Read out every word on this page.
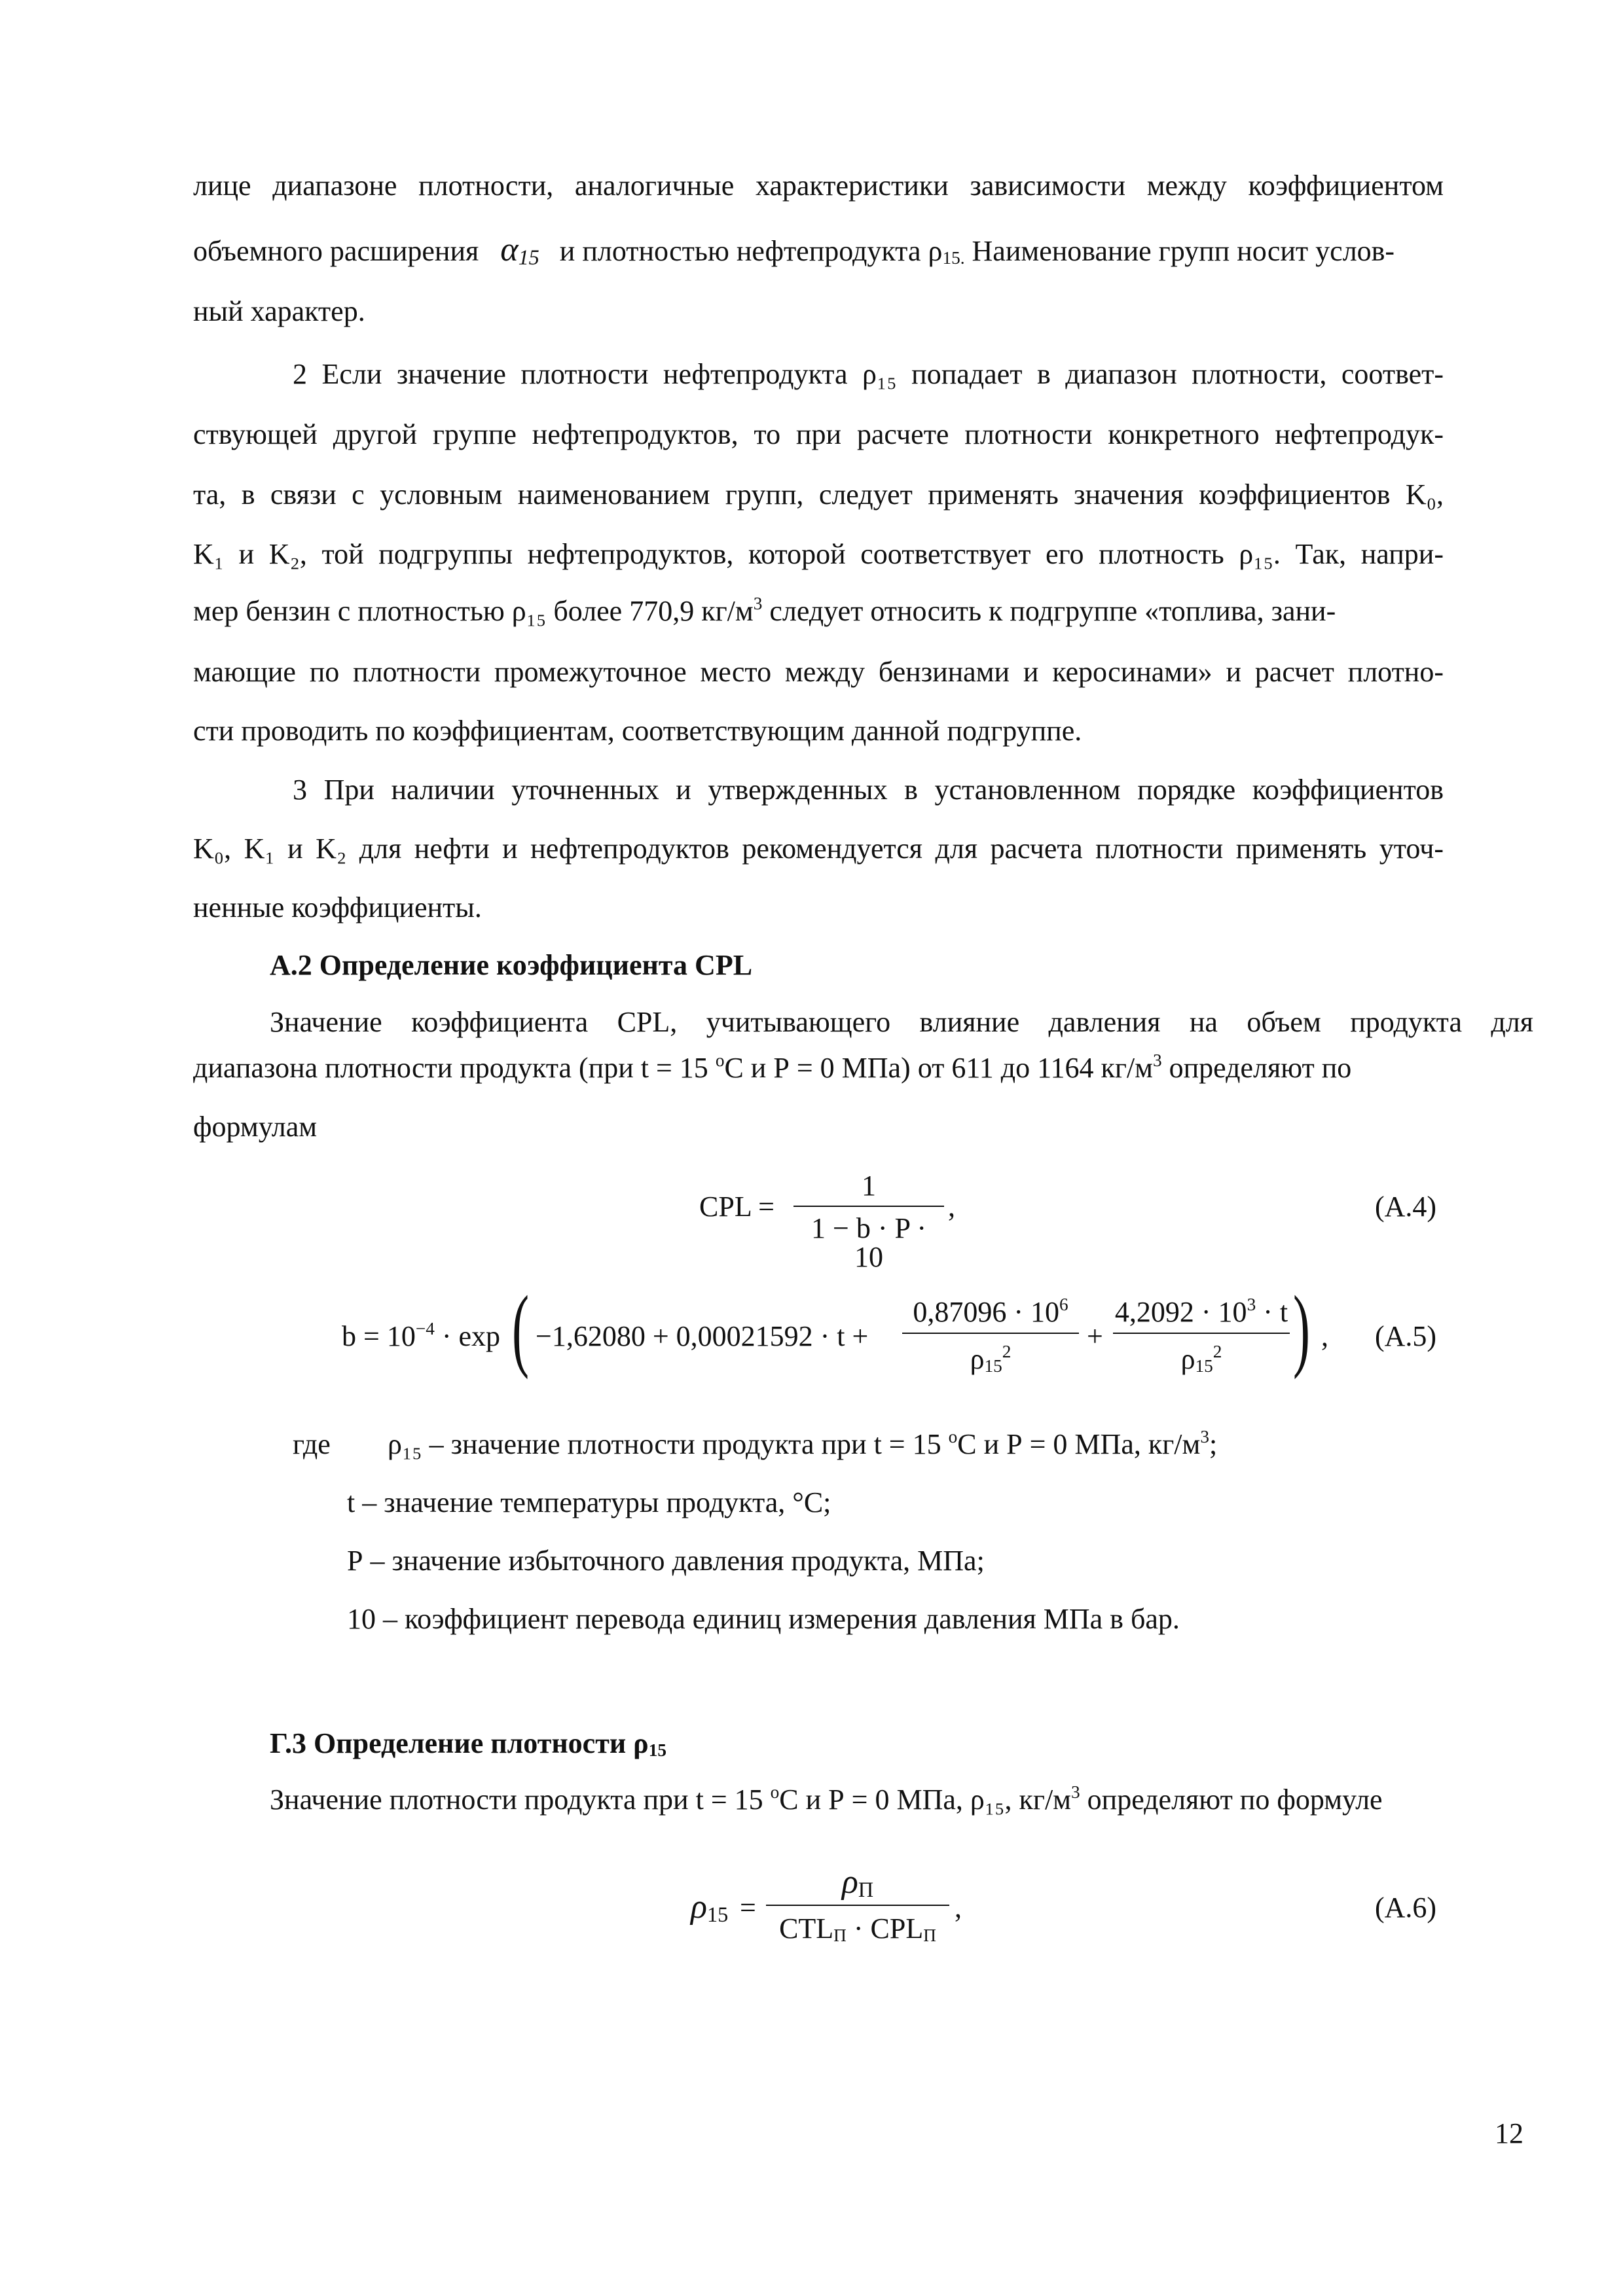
лице диапазоне плотности, аналогичные характеристики зависимости между коэффициентом
объемного расширения $\alpha_{15}$ и плотностью нефтепродукта $\rho_{15.}$ Наименование групп носит услов-
ный характер.
2 Если значение плотности нефтепродукта ρ₁₅ попадает в диапазон плотности, соответ-
ствующей другой группе нефтепродуктов, то при расчете плотности конкретного нефтепродук-
та, в связи с условным наименованием групп, следует применять значения коэффициентов K₀,
K₁ и K₂, той подгруппы нефтепродуктов, которой соответствует его плотность ρ₁₅. Так, напри-
мер бензин с плотностью ρ₁₅ более 770,9 $кг/м^3$ следует относить к подгруппе «топлива, зани-
мающие по плотности промежуточное место между бензинами и керосинами» и расчет плотно-
сти проводить по коэффициентам, соответствующим данной подгруппе.
3 При наличии уточненных и утвержденных в установленном порядке коэффициентов
K₀, K₁ и K₂ для нефти и нефтепродуктов рекомендуется для расчета плотности применять уточ-
ненные коэффициенты.
А.2 Определение коэффициента CPL
Значение коэффициента CPL, учитывающего влияние давления на объем продукта для
диапазона плотности продукта (при t = 15 $^о$С и Р = 0 МПа) от 611 до 1164 $кг/м^3$ определяют по
формулам
CPL =
1
1 − b · P · 10
,	(А.4)
$b = 10^{-4} \cdot \exp$ ( −1,62080 + 0,00021592 · t +
$0,87096 \cdot 10^6$
$\rho_{15}^2$	+
$4,2092 \cdot 10^3 \cdot t$
$\rho_{15}^2$ ) , (А.5)
где ρ₁₅ – значение плотности продукта при t = 15 $^о$С и Р = 0 МПа, $кг/м^3$;
t – значение температуры продукта, °С;
Р – значение избыточного давления продукта, МПа;
10 – коэффициент перевода единиц измерения давления МПа в бар.
Г.3 Определение плотности $\rho_{15}$
Значение плотности продукта при t = 15 $^о$С и Р = 0 МПа, ρ₁₅, $кг/м^3$ определяют по формуле
$\rho_{15}$ =
$\rho_П$
$CTL_П \cdot CPL_П$
,	(А.6)
12
